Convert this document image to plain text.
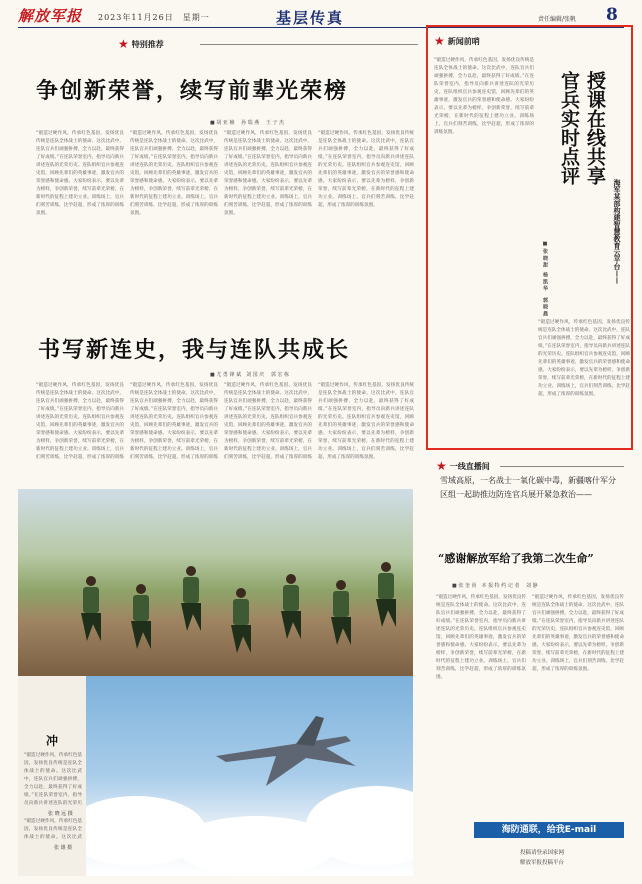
解放军报 2023年11月26日　星期一	基层传真	责任编辑/张帆 8
★ 特别推荐
争创新荣誉，续写前辈光荣榜
■ 胡 亚 楠　 孙 瑞 燕　 王 子 杰
“锻造过硬作风，传承红色基因，发扬优良传统是连队全体战士的使命。这次比武中，连队官兵们顽强拼搏，全力以赴，最终获得了好成绩。”在连队荣誉室内，指导员向新兵讲述连队的光荣历史。连队组织官兵参观连史馆，回顾先辈们的英雄事迹，激发官兵的荣誉感和使命感。大家纷纷表示，要以先辈为榜样，争创新荣誉，续写前辈光荣榜，在新时代的征程上建功立业。训练场上，官兵们刻苦训练，比学赶超，形成了浓厚的训练氛围。
“锻造过硬作风，传承红色基因，发扬优良传统是连队全体战士的使命。这次比武中，连队官兵们顽强拼搏，全力以赴，最终获得了好成绩。”在连队荣誉室内，指导员向新兵讲述连队的光荣历史。连队组织官兵参观连史馆，回顾先辈们的英雄事迹，激发官兵的荣誉感和使命感。大家纷纷表示，要以先辈为榜样，争创新荣誉，续写前辈光荣榜，在新时代的征程上建功立业。训练场上，官兵们刻苦训练，比学赶超，形成了浓厚的训练氛围。
“锻造过硬作风，传承红色基因，发扬优良传统是连队全体战士的使命。这次比武中，连队官兵们顽强拼搏，全力以赴，最终获得了好成绩。”在连队荣誉室内，指导员向新兵讲述连队的光荣历史。连队组织官兵参观连史馆，回顾先辈们的英雄事迹，激发官兵的荣誉感和使命感。大家纷纷表示，要以先辈为榜样，争创新荣誉，续写前辈光荣榜，在新时代的征程上建功立业。训练场上，官兵们刻苦训练，比学赶超，形成了浓厚的训练氛围。
“锻造过硬作风，传承红色基因，发扬优良传统是连队全体战士的使命。这次比武中，连队官兵们顽强拼搏，全力以赴，最终获得了好成绩。”在连队荣誉室内，指导员向新兵讲述连队的光荣历史。连队组织官兵参观连史馆，回顾先辈们的英雄事迹，激发官兵的荣誉感和使命感。大家纷纷表示，要以先辈为榜样，争创新荣誉，续写前辈光荣榜，在新时代的征程上建功立业。训练场上，官兵们刻苦训练，比学赶超，形成了浓厚的训练氛围。
书写新连史，我与连队共成长
■ 尤 勇 锋 斌　刘 国 庆　 郭 宏 栋
“锻造过硬作风，传承红色基因，发扬优良传统是连队全体战士的使命。这次比武中，连队官兵们顽强拼搏，全力以赴，最终获得了好成绩。”在连队荣誉室内，指导员向新兵讲述连队的光荣历史。连队组织官兵参观连史馆，回顾先辈们的英雄事迹，激发官兵的荣誉感和使命感。大家纷纷表示，要以先辈为榜样，争创新荣誉，续写前辈光荣榜，在新时代的征程上建功立业。训练场上，官兵们刻苦训练，比学赶超，形成了浓厚的训练
“锻造过硬作风，传承红色基因，发扬优良传统是连队全体战士的使命。这次比武中，连队官兵们顽强拼搏，全力以赴，最终获得了好成绩。”在连队荣誉室内，指导员向新兵讲述连队的光荣历史。连队组织官兵参观连史馆，回顾先辈们的英雄事迹，激发官兵的荣誉感和使命感。大家纷纷表示，要以先辈为榜样，争创新荣誉，续写前辈光荣榜，在新时代的征程上建功立业。训练场上，官兵们刻苦训练，比学赶超，形成了浓厚的训练
“锻造过硬作风，传承红色基因，发扬优良传统是连队全体战士的使命。这次比武中，连队官兵们顽强拼搏，全力以赴，最终获得了好成绩。”在连队荣誉室内，指导员向新兵讲述连队的光荣历史。连队组织官兵参观连史馆，回顾先辈们的英雄事迹，激发官兵的荣誉感和使命感。大家纷纷表示，要以先辈为榜样，争创新荣誉，续写前辈光荣榜，在新时代的征程上建功立业。训练场上，官兵们刻苦训练，比学赶超，形成了浓厚的训练
“锻造过硬作风，传承红色基因，发扬优良传统是连队全体战士的使命。这次比武中，连队官兵们顽强拼搏，全力以赴，最终获得了好成绩。”在连队荣誉室内，指导员向新兵讲述连队的光荣历史。连队组织官兵参观连史馆，回顾先辈们的英雄事迹，激发官兵的荣誉感和使命感。大家纷纷表示，要以先辈为榜样，争创新荣誉，续写前辈光荣榜，在新时代的征程上建功立业。训练场上，官兵们刻苦训练，比学赶超，形成了浓厚的训练氛围。
★ 新闻前哨
授课在线共享
官兵实时点评
海军某部构建智慧教育云平台——
■ 张 晓 甜　杨 凯 华　 郭 晓 晨
“锻造过硬作风，传承红色基因，发扬优良传统是连队全体战士的使命。这次比武中，连队官兵们顽强拼搏，全力以赴，最终获得了好成绩。”在连队荣誉室内，指导员向新兵讲述连队的光荣历史。连队组织官兵参观连史馆，回顾先辈们的英雄事迹，激发官兵的荣誉感和使命感。大家纷纷表示，要以先辈为榜样，争创新荣誉，续写前辈光荣榜，在新时代的征程上建功立业。训练场上，官兵们刻苦训练，比学赶超，形成了浓厚的训练氛围。
“锻造过硬作风，传承红色基因，发扬优良传统是连队全体战士的使命。这次比武中，连队官兵们顽强拼搏，全力以赴，最终获得了好成绩。”在连队荣誉室内，指导员向新兵讲述连队的光荣历史。连队组织官兵参观连史馆，回顾先辈们的英雄事迹，激发官兵的荣誉感和使命感。大家纷纷表示，要以先辈为榜样，争创新荣誉，续写前辈光荣榜，在新时代的征程上建功立业。训练场上，官兵们刻苦训练，比学赶超，形成了浓厚的训练氛围。
冲
“锻造过硬作风，传承红色基因，发扬优良传统是连队全体战士的使命。这次比武中，连队官兵们顽强拼搏，全力以赴，最终获得了好成绩。”在连队荣誉室内，指导员向新兵讲述连队的光荣历
张 晓 远 摄
“锻造过硬作风，传承红色基因，发扬优良传统是连队全体战士的使命。这次比武
张 雄 摄
★ 一线直播间
雪域高原，一名战士一氧化碳中毒，新疆喀什军分区组一起助推边防连官兵展开紧急救治——
“感谢解放军给了我第二次生命”
■ 张 奎 尚　本 报 特 约 记 者　 刘 静
“锻造过硬作风，传承红色基因，发扬优良传统是连队全体战士的使命。这次比武中，连队官兵们顽强拼搏，全力以赴，最终获得了好成绩。”在连队荣誉室内，指导员向新兵讲述连队的光荣历史。连队组织官兵参观连史馆，回顾先辈们的英雄事迹，激发官兵的荣誉感和使命感。大家纷纷表示，要以先辈为榜样，争创新荣誉，续写前辈光荣榜，在新时代的征程上建功立业。训练场上，官兵们刻苦训练，比学赶超，形成了浓厚的训练氛围。
“锻造过硬作风，传承红色基因，发扬优良传统是连队全体战士的使命。这次比武中，连队官兵们顽强拼搏，全力以赴，最终获得了好成绩。”在连队荣誉室内，指导员向新兵讲述连队的光荣历史。连队组织官兵参观连史馆，回顾先辈们的英雄事迹，激发官兵的荣誉感和使命感。大家纷纷表示，要以先辈为榜样，争创新荣誉，续写前辈光荣榜，在新时代的征程上建功立业。训练场上，官兵们刻苦训练，比学赶超，形成了浓厚的训练氛围。
海防通联，给我E-mail
投稿请登录国家网
解放军报投稿平台
